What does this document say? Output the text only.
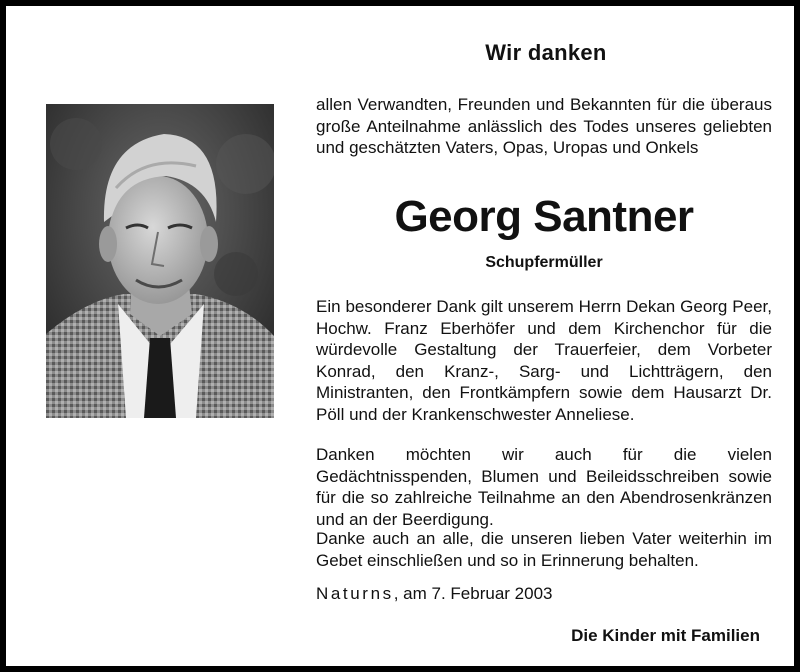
Wir danken

allen Verwandten, Freunden und Bekannten für die überaus große Anteilnahme anlässlich des Todes unseres geliebten und geschätzten Vaters, Opas, Uropas und Onkels

Georg Santner
Schupfermüller

Ein besonderer Dank gilt unserem Herrn Dekan Georg Peer, Hochw. Franz Eberhöfer und dem Kirchenchor für die würdevolle Gestaltung der Trauerfeier, dem Vorbeter Konrad, den Kranz-, Sarg- und Lichtträgern, den Ministranten, den Frontkämpfern sowie dem Hausarzt Dr. Pöll und der Krankenschwester Anneliese.

Danken möchten wir auch für die vielen Gedächtnisspenden, Blumen und Beileidsschreiben sowie für die so zahlreiche Teilnahme an den Abendrosenkränzen und an der Beerdigung.

Danke auch an alle, die unseren lieben Vater weiterhin im Gebet einschließen und so in Erinnerung behalten.

Naturns, am 7. Februar 2003
Die Kinder mit Familien
